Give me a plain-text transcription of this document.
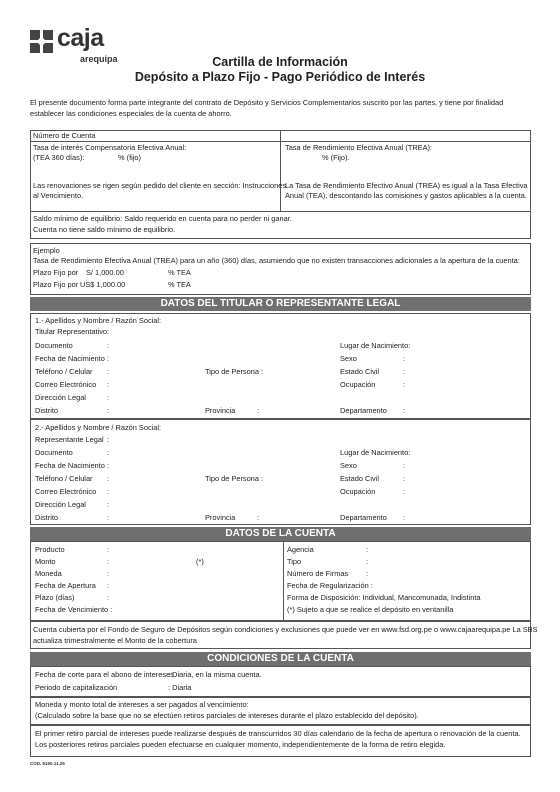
caja
arequipa	Cartilla de Información
Depósito a Plazo Fijo - Pago Periódico de Interés
El presente documento forma parte integrante del contrato de Depósito y Servicios Complementarios suscrito por las partes, y tiene por finalidad establecer las condiciones especiales de la cuenta de ahorro.
Número de Cuenta
Tasa de interés Compensatoria Efectiva Anual:
(TEA 360 días):	% (fijo)
Las renovaciones se rigen según pedido del cliente en sección: Instrucciones
al Vencimiento.
Tasa de Rendimiento Efectiva Anual (TREA):
% (Fijo).
La Tasa de Rendimiento Efectivo Anual (TREA) es igual a la Tasa Efectiva
Anual (TEA), descontando las comisiones y gastos aplicables a la cuenta.
Saldo mínimo de equilibrio: Saldo requerido en cuenta para no perder ni ganar.
Cuenta no tiene saldo mínimo de equilibrio.
Ejemplo
Tasa de Rendimiento Efectiva Anual (TREA) para un año (360) días, asumiendo que no existen transacciones adicionales a la apertura de la cuenta:
Plazo Fijo por S/ 1,000.00	% TEA
Plazo Fijo por US$ 1,000.00	% TEA
DATOS DEL TITULAR O REPRESENTANTE LEGAL
1.- Apellidos y Nombre / Razón Social:
Titular Representativo :
Documento	:
Fecha de Nacimiento :
Teléfono / Celular :
Correo Electrónico :
Dirección Legal	:
Distrito	:
Tipo de Persona :
Provincia	:
Lugar de Nacimiento:
Sexo	:
Estado Civil	:
Ocupación	:
Departamento :
2.- Apellidos y Nombre / Razón Social:
Representante Legal :
Documento	:
Fecha de Nacimiento :
Teléfono / Celular :
Correo Electrónico :
Dirección Legal	:
Distrito	:
Tipo de Persona :
Provincia	:
Lugar de Nacimiento:
Sexo	:
Estado Civil	:
Ocupación	:
Departamento :
DATOS DE LA CUENTA
Producto	:
Monto	:	(*)
Moneda	:
Fecha de Apertura :
Plazo (días)	:
Fecha de Vencimiento :
Agencia	:
Tipo	:
Número de Firmas :
Fecha de Regularización :
Forma de Disposición: Individual, Mancomunada, Indistinta
(*) Sujeto a que se realice el depósito en ventanilla
Cuenta cubierta por el Fondo de Seguro de Depósitos según condiciones y exclusiones que puede ver en www.fsd.org.pe o www.cajaarequipa.pe La SBS
actualiza trimestralmente el Monto de la cobertura
CONDICIONES DE LA CUENTA
Fecha de corte para el abono de intereses
: Diaria, en la misma cuenta.
Periodo de capitalización	: Diaria
Moneda y monto total de intereses a ser pagados al vencimiento:
(Calculado sobre la base que no se efectúen retiros parciales de intereses durante el plazo establecido del depósito).
El primer retiro parcial de intereses puede realizarse después de transcurridos 30 días calendario de la fecha de apertura o renovación de la cuenta. Los posteriores retiros parciales pueden efectuarse en cualquier momento, independientemente de la forma de retiro elegida.
COD. 5150.11.25
